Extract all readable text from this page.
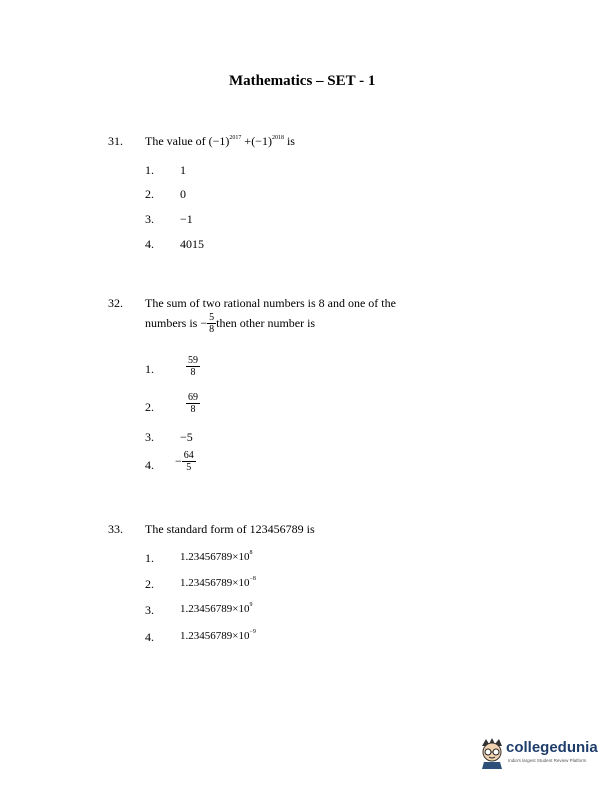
Mathematics – SET - 1
31. The value of $(-1)^{2017} +(-1)^{2018}$ is
1. 1
2. 0
3. −1
4. 4015
32. The sum of two rational numbers is 8 and one of the
numbers is − $\frac{5}{8}$ then other number is
1.	$\frac{59}{8}$
2.	$\frac{69}{8}$
3. −5
4. − $\frac{64}{5}$
33. The standard form of 123456789 is
1. $1.23456789\times 10^8$
2. $1.23456789\times 10^{-8}$
3. $1.23456789\times 10^9$
4. $1.23456789\times 10^{-9}$
collegedunia
India's largest Student Review Platform
